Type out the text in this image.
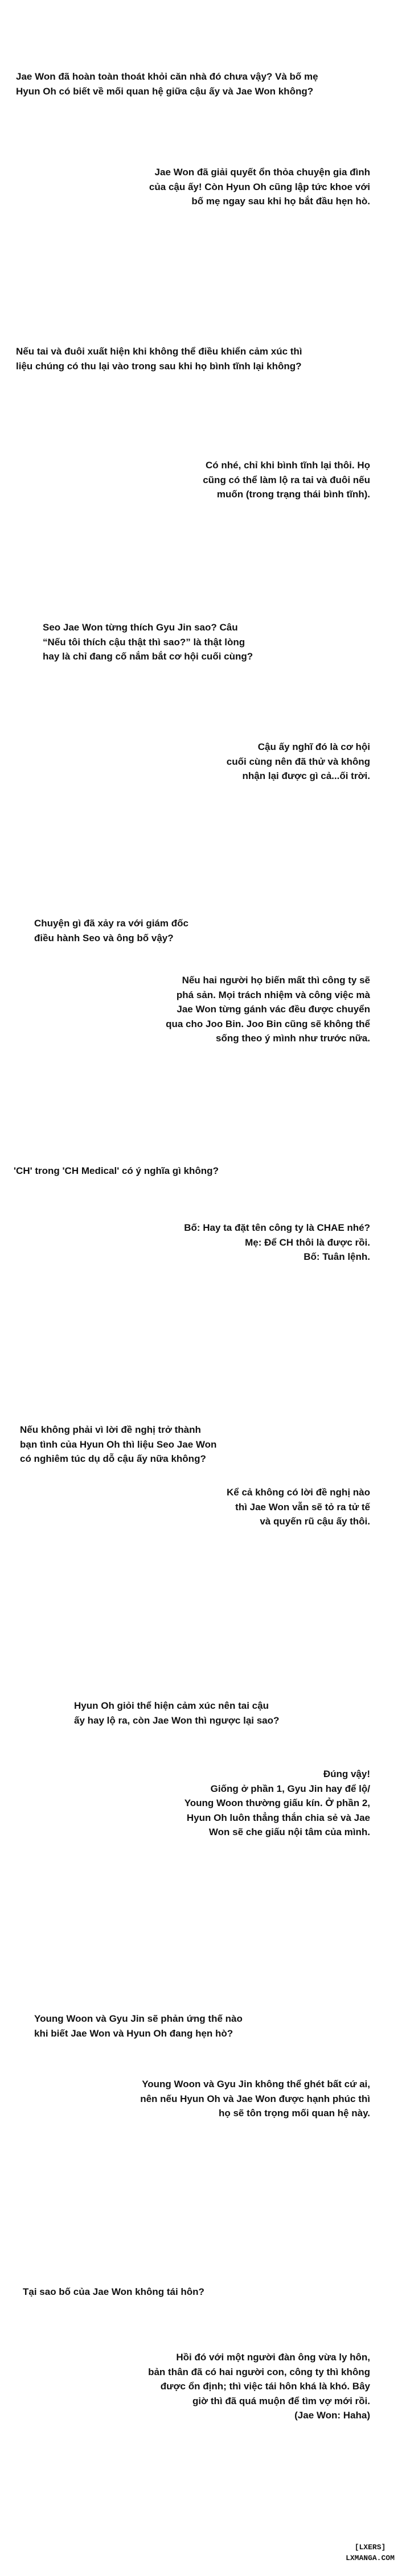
Jae Won đã hoàn toàn thoát khỏi căn nhà đó chưa vậy? Và bố mẹ
Hyun Oh có biết về mối quan hệ giữa cậu ấy và Jae Won không?
Jae Won đã giải quyết ổn thỏa chuyện gia đình
của cậu ấy! Còn Hyun Oh cũng lập tức khoe với
bố mẹ ngay sau khi họ bắt đầu hẹn hò.
Nếu tai và đuôi xuất hiện khi không thể điều khiển cảm xúc thì
liệu chúng có thu lại vào trong sau khi họ bình tĩnh lại không?
Có nhé, chỉ khi bình tĩnh lại thôi. Họ
cũng có thể làm lộ ra tai và đuôi nếu
muốn (trong trạng thái bình tĩnh).
Seo Jae Won từng thích Gyu Jin sao? Câu
“Nếu tôi thích cậu thật thì sao?” là thật lòng
hay là chỉ đang cố nắm bắt cơ hội cuối cùng?
Cậu ấy nghĩ đó là cơ hội
cuối cùng nên đã thử và không
nhận lại được gì cả...ối trời.
Chuyện gì đã xảy ra với giám đốc
điều hành Seo và ông bố vậy?
Nếu hai người họ biến mất thì công ty sẽ
phá sản. Mọi trách nhiệm và công việc mà
Jae Won từng gánh vác đều được chuyển
qua cho Joo Bin. Joo Bin cũng sẽ không thể
sống theo ý mình như trước nữa.
'CH' trong 'CH Medical' có ý nghĩa gì không?
Bố: Hay ta đặt tên công ty là CHAE nhé?
Mẹ: Để CH thôi là được rồi.
Bố: Tuân lệnh.
Nếu không phải vì lời đề nghị trở thành
bạn tình của Hyun Oh thì liệu Seo Jae Won
có nghiêm túc dụ dỗ cậu ấy nữa không?
Kể cả không có lời đề nghị nào
thì Jae Won vẫn sẽ tỏ ra tử tế
và quyến rũ cậu ấy thôi.
Hyun Oh giỏi thể hiện cảm xúc nên tai cậu
ấy hay lộ ra, còn Jae Won thì ngược lại sao?
Đúng vậy!
Giống ở phần 1, Gyu Jin hay để lộ/
Young Woon thường giấu kín. Ở phần 2,
Hyun Oh luôn thẳng thắn chia sẻ và Jae
Won sẽ che giấu nội tâm của mình.
Young Woon và Gyu Jin sẽ phản ứng thế nào
khi biết Jae Won và Hyun Oh đang hẹn hò?
Young Woon và Gyu Jin không thể ghét bất cứ ai,
nên nếu Hyun Oh và Jae Won được hạnh phúc thì
họ sẽ tôn trọng mối quan hệ này.
Tại sao bố của Jae Won không tái hôn?
Hồi đó với một người đàn ông vừa ly hôn,
bản thân đã có hai người con, công ty thì không
được ổn định; thì việc tái hôn khá là khó. Bây
giờ thì đã quá muộn để tìm vợ mới rồi.
(Jae Won: Haha)
[LXERS]
LXMANGA.COM
